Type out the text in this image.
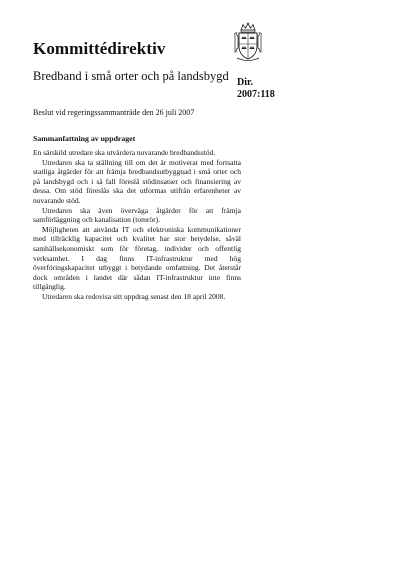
Kommittédirektiv

Bredband i små orter och på landsbygd Dir.
2007:118
Beslut vid regeringssammanträde den 26 juli 2007
Sammanfattning av uppdraget

En särskild utredare ska utvärdera nuvarande bredbandsstöd.

Utredaren ska ta ställning till om det är motiverat med fortsatta statliga åtgärder för att främja bredbandsutbyggnad i små orter och på landsbygd och i så fall föreslå stödinsatser och finansiering av dessa. Om stöd föreslås ska det utformas utifrån erfarenheter av nuvarande stöd.

Utredaren ska även överväga åtgärder för att främja samförläggning och kanalisation (tomrör).

Möjligheten att använda IT och elektroniska kommunikationer med tillräcklig kapacitet och kvalitet har stor betydelse, såväl samhällsekonomiskt som för företag, individer och offentlig verksamhet. I dag finns IT-infrastruktur med hög överföringskapacitet utbyggt i betydande omfattning. Det återstår dock områden i landet där sådan IT-infrastruktur inte finns tillgänglig.

Utredaren ska redovisa sitt uppdrag senast den 18 april 2008.
